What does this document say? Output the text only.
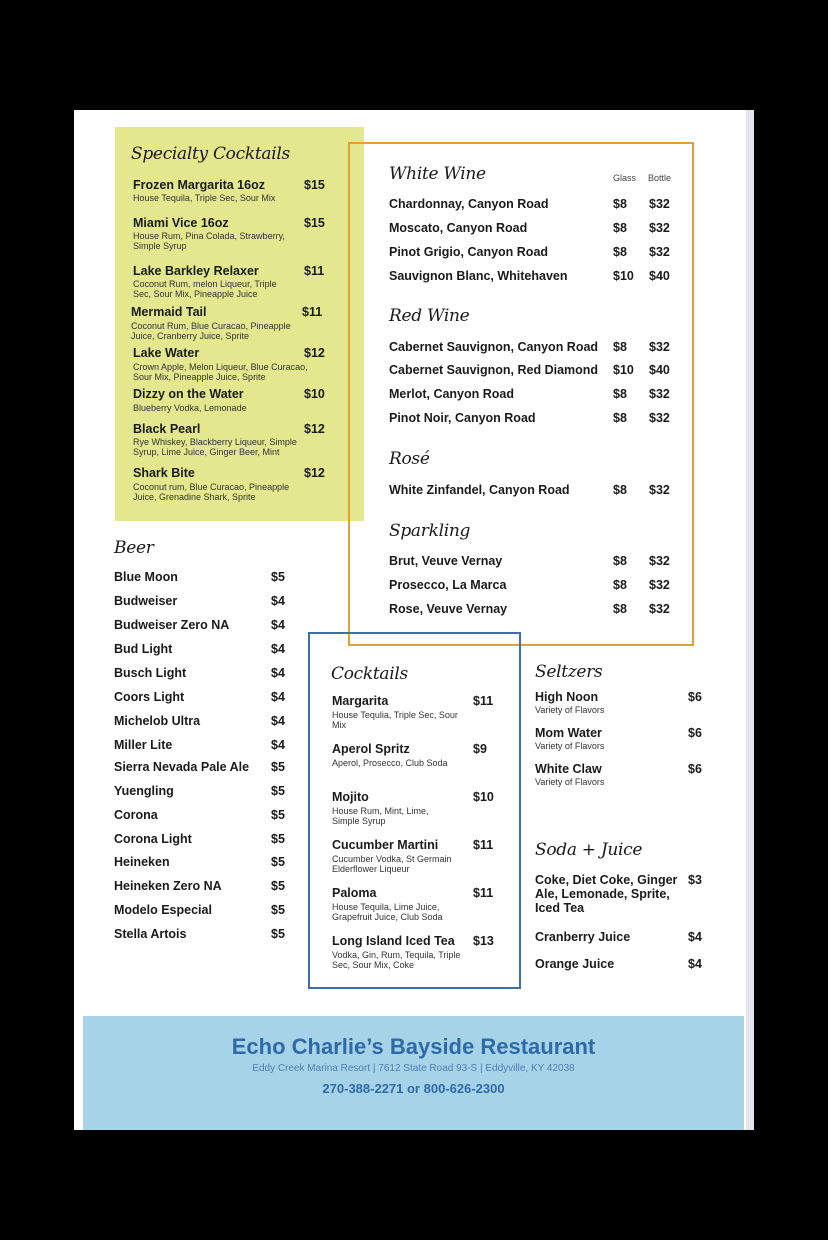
Specialty Cocktails
Frozen Margarita 16oz	$15
House Tequila, Triple Sec, Sour Mix
Miami Vice 16oz	$15
House Rum, Pina Colada, Strawberry, Simple Syrup
Lake Barkley Relaxer	$11
Coconut Rum, melon Liqueur, Triple Sec, Sour Mix, Pineapple Juice
Mermaid Tail	$11
Coconut Rum, Blue Curacao, Pineapple Juice, Cranberry Juice, Sprite
Lake Water	$12
Crown Apple, Melon Liqueur, Blue Curacao, Sour Mix, Pineapple Juice, Sprite
Dizzy on the Water	$10
Blueberry Vodka, Lemonade
Black Pearl	$12
Rye Whiskey, Blackberry Liqueur, Simple Syrup, Lime Juice, Ginger Beer, Mint
Shark Bite	$12
Coconut rum, Blue Curacao, Pineapple Juice, Grenadine Shark, Sprite
White Wine	Glass Bottle
Chardonnay, Canyon Road	$8 $32
Moscato, Canyon Road	$8 $32
Pinot Grigio, Canyon Road	$8 $32
Sauvignon Blanc, Whitehaven	$10 $40
Red Wine
Cabernet Sauvignon, Canyon Road $8 $32
Cabernet Sauvignon, Red Diamond $10 $40
Merlot, Canyon Road	$8 $32
Pinot Noir, Canyon Road	$8 $32
Rosé
White Zinfandel, Canyon Road	$8 $32
Sparkling
Brut, Veuve Vernay	$8 $32
Prosecco, La Marca	$8 $32
Rose, Veuve Vernay	$8 $32
Beer
Blue Moon	$5
Budweiser	$4
Budweiser Zero NA	$4
Bud Light	$4
Busch Light	$4
Coors Light	$4
Michelob Ultra	$4
Miller Lite	$4
Sierra Nevada Pale Ale $5
Yuengling	$5
Corona	$5
Corona Light	$5
Heineken	$5
Heineken Zero NA	$5
Modelo Especial	$5
Stella Artois	$5
Cocktails
Margarita	$11
House Tequlia, Triple Sec, Sour Mix
Aperol Spritz	$9
Aperol, Prosecco, Club Soda
Mojito	$10
House Rum, Mint, Lime, Simple Syrup
Cucumber Martini	$11
Cucumber Vodka, St Germain Elderflower Liqueur
Paloma	$11
House Tequila, Lime Juice, Grapefruit Juice, Club Soda
Long Island Iced Tea $13
Vodka, Gin, Rum, Tequila, Triple Sec, Sour Mix, Coke
Seltzers
High Noon	$6
Variety of Flavors
Mom Water	$6
Variety of Flavors
White Claw	$6
Variety of Flavors
Soda + Juice
Coke, Diet Coke, Ginger Ale, Lemonade, Sprite, Iced Tea
$3
Cranberry Juice	$4
Orange Juice	$4
Echo Charlie’s Bayside Restaurant
Eddy Creek Marina Resort | 7612 State Road 93-S | Eddyville, KY 42038
270-388-2271 or 800-626-2300
